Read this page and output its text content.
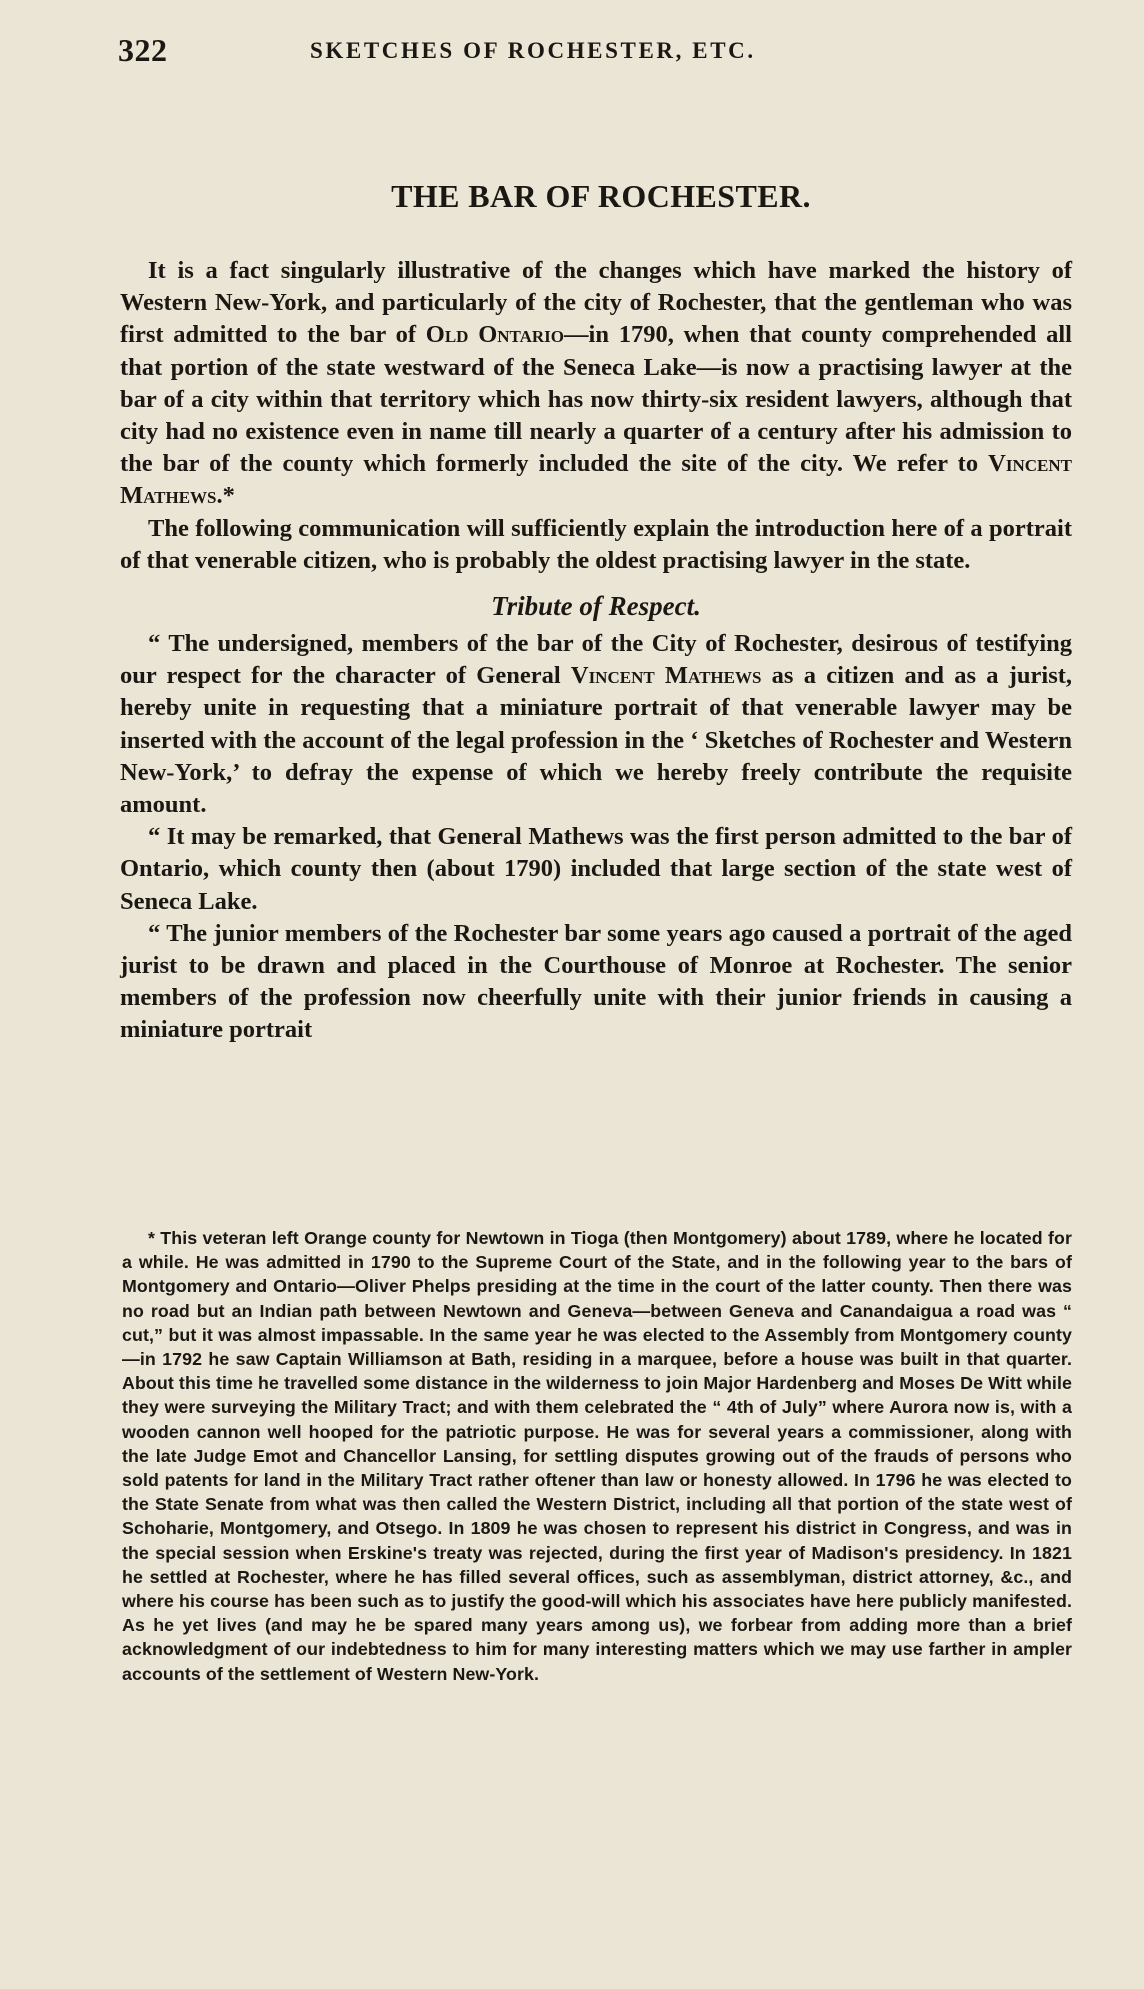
322	SKETCHES OF ROCHESTER, ETC.
THE BAR OF ROCHESTER.

It is a fact singularly illustrative of the changes which have marked the history of Western New-York, and particularly of the city of Rochester, that the gentleman who was first admitted to the bar of Old Ontario—in 1790, when that county comprehended all that portion of the state westward of the Seneca Lake—is now a practising lawyer at the bar of a city within that territory which has now thirty-six resident lawyers, although that city had no existence even in name till nearly a quarter of a century after his admission to the bar of the county which formerly included the site of the city. We refer to Vincent Mathews.*

The following communication will sufficiently explain the introduction here of a portrait of that venerable citizen, who is probably the oldest practising lawyer in the state.

Tribute of Respect.

“ The undersigned, members of the bar of the City of Rochester, desirous of testifying our respect for the character of General Vincent Mathews as a citizen and as a jurist, hereby unite in requesting that a miniature portrait of that venerable lawyer may be inserted with the account of the legal profession in the ‘ Sketches of Rochester and Western New-York,’ to defray the expense of which we hereby freely contribute the requisite amount.

“ It may be remarked, that General Mathews was the first person admitted to the bar of Ontario, which county then (about 1790) included that large section of the state west of Seneca Lake.

“ The junior members of the Rochester bar some years ago caused a portrait of the aged jurist to be drawn and placed in the Courthouse of Monroe at Rochester. The senior members of the profession now cheerfully unite with their junior friends in causing a miniature portrait

* This veteran left Orange county for Newtown in Tioga (then Montgomery) about 1789, where he located for a while. He was admitted in 1790 to the Supreme Court of the State, and in the following year to the bars of Montgomery and Ontario—Oliver Phelps presiding at the time in the court of the latter county. Then there was no road but an Indian path between Newtown and Geneva—between Geneva and Canandaigua a road was “ cut,” but it was almost impassable. In the same year he was elected to the Assembly from Montgomery county—in 1792 he saw Captain Williamson at Bath, residing in a marquee, before a house was built in that quarter. About this time he travelled some distance in the wilderness to join Major Hardenberg and Moses De Witt while they were surveying the Military Tract; and with them celebrated the “ 4th of July” where Aurora now is, with a wooden cannon well hooped for the patriotic purpose. He was for several years a commissioner, along with the late Judge Emot and Chancellor Lansing, for settling disputes growing out of the frauds of persons who sold patents for land in the Military Tract rather oftener than law or honesty allowed. In 1796 he was elected to the State Senate from what was then called the Western District, including all that portion of the state west of Schoharie, Montgomery, and Otsego. In 1809 he was chosen to represent his district in Congress, and was in the special session when Erskine's treaty was rejected, during the first year of Madison's presidency. In 1821 he settled at Rochester, where he has filled several offices, such as assemblyman, district attorney, &c., and where his course has been such as to justify the good-will which his associates have here publicly manifested. As he yet lives (and may he be spared many years among us), we forbear from adding more than a brief acknowledgment of our indebtedness to him for many interesting matters which we may use farther in ampler accounts of the settlement of Western New-York.
